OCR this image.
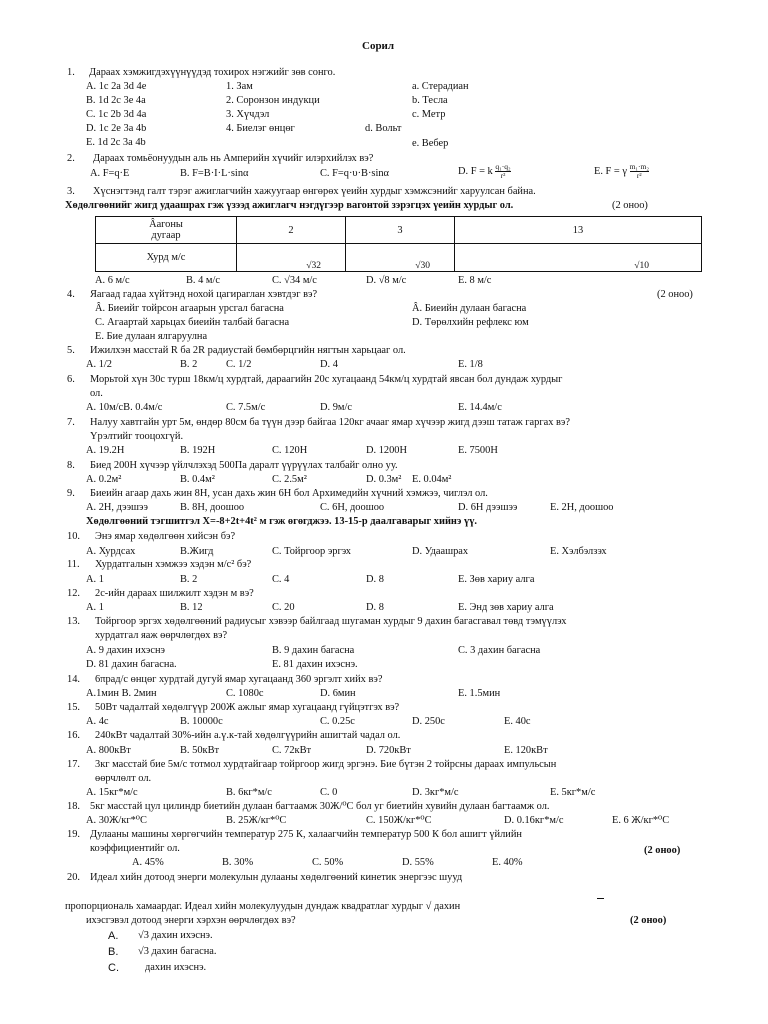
Сорил
1. Дараах хэмжигдэхүүнүүдэд тохирох нэгжийг зөв сонго.
A. 1c 2a 3d 4e
B. 1d 2c 3e 4a
C. 1c 2b 3d 4a
D. 1c 2e 3a 4b
E. 1d 2c 3a 4b
1. Зам
2. Соронзон индукци
3. Хүчдэл
4. Биелэг өнцөг	d. Вольт
a. Стерадиан
b. Тесла
c. Метр
e. Вебер
2. Дараах томьёонуудын аль нь Амперийн хүчийг илэрхийлэх вэ?
A. F=q·E	B. F=B·I·L·sinα	C. F=q·υ·B·sinα	D. F = k $\frac{\text{q₁·q₂}}{\text{r²}}$	E. F = γ $\frac{\text{m₁·m₂}}{\text{r²}}$
3. Хүснэгтэнд галт тэрэг ажиглагчийн хажуугаар өнгөрөх үеийн хурдыг хэмжсэнийг харуулсан байна.
Хөдөлгөөнийг жигд удаашрах гэж үзээд ажиглагч нэгдүгээр вагонтой зэрэгцэх үеийн хурдыг ол.	(2 оноо)
Âагоны
дугаар	2	3	13
Хурд м/с	√32	√30	√10
A. 6 м/с	B. 4 м/с	C. √34 м/с	D. √8 м/с	E. 8 м/с
4. Яагаад гадаа хүйтэнд нохой цагираглан хэвтдэг вэ?	(2 оноо)
Â. Биеийг тойрсон агаарын урсгал багасна	Â. Биеийн дулаан багасна
C. Агаартай харьцах биеийн талбай багасна	D. Төрөлхийн рефлекс юм
E. Бие дулаан ялгаруулна
5. Ижилхэн масстай R ба 2R радиустай бөмбөрцгийн нягтын харьцааг ол.
A. 1/2	B. 2	C. 1/2	D. 4	E. 1/8
6. Морьтой хүн 30с турш 18км/ц хурдтай, дараагийн 20с хугацаанд 54км/ц хурдтай явсан бол дундаж хурдыг
ол.
A. 10м/сB. 0.4м/с	C. 7.5м/с	D. 9м/с	E. 14.4м/с
7. Налуу хавтгайн урт 5м, өндөр 80см ба түүн дээр байгаа 120кг ачааг ямар хүчээр жигд дээш татаж гаргах вэ?
Үрэлтийг тооцохгүй.
A. 19.2H	B. 192H	C. 120H	D. 1200H	E. 7500H
8. Биед 200Н хүчээр үйлчлэхэд 500Па даралт үүрүүлах талбайг олно уу.
A. 0.2м²	B. 0.4м²	C. 2.5м²	D. 0.3м² E. 0.04м²
9. Биеийн агаар дахь жин 8Н, усан дахь жин 6Н бол Архимедийн хүчний хэмжээ, чиглэл ол.
A. 2Н, дээшээ	B. 8Н, доошоо	C. 6Н, доошоо	D. 6Н дээшээ	E. 2Н, доошоо
Хөдөлгөөний тэгшитгэл X=-8+2t+4t² м гэж өгөгджээ. 13-15-р даалгаварыг хийнэ үү.
10. Энэ ямар хөдөлгөөн хийсэн бэ?
A. Хурдсах	B.Жигд	C. Тойргоор эргэх	D. Удаашрах	E. Хэлбэлзэх
11. Хурдатгалын хэмжээ хэдэн м/с² бэ?
A. 1	B. 2	C. 4	D. 8	E. Зөв хариу алга
12. 2с-ийн дараах шилжилт хэдэн м вэ?
A. 1	B. 12	C. 20	D. 8	E. Энд зөв хариу алга
13. Тойргоор эргэх хөдөлгөөний радиусыг хэвээр байлгаад шугаман хурдыг 9 дахин багасгавал төвд тэмүүлэх
хурдатгал яаж өөрчлөгдөх вэ?
A. 9 дахин ихэснэ	B. 9 дахин багасна	C. 3 дахин багасна
D. 81 дахин багасна.	E. 81 дахин ихэснэ.
14. 6πрад/с өнцөг хурдтай дугуй ямар хугацаанд 360 эргэлт хийх вэ?
A.1мин B. 2мин	C. 1080с	D. 6мин	E. 1.5мин
15. 50Вт чадалтай хөдөлгүүр 200Ж ажлыг ямар хугацаанд гүйцэтгэх вэ?
A. 4с	B. 10000с	C. 0.25с	D. 250с	E. 40с
16. 240кВт чадалтай 30%-ийн а.ү.к-тай хөдөлгүүрийн ашигтай чадал ол.
A. 800кВт	B. 50кВт	C. 72кВт	D. 720кВт	E. 120кВт
17. 3кг масстай бие 5м/с тотмол хурдтайгаар тойргоор жигд эргэнэ. Бие бүтэн 2 тойрсны дараах импульсын
өөрчлөлт ол.
A. 15кг*м/с	B. 6кг*м/с	C. 0	D. 3кг*м/с	E. 5кг*м/с
18. 5кг масстай цул цилиндр биетийн дулаан багтаамж 30Ж/⁰С бол уг биетийн хувийн дулаан багтаамж ол.
A. 30Ж/кг*⁰С	B. 25Ж/кг*⁰С	C. 150Ж/кг*⁰С	D. 0.16кг*м/с	E. 6 Ж/кг*⁰С
19. Дулааны машины хөргөгчийн температур 275 К, халаагчийн температур 500 К бол ашигт үйлийн
коэффициентийг ол.	(2 оноо)
A. 45%	B. 30%	C. 50%	D. 55%	E. 40%
20. Идеал хийн дотоод энерги молекулын дулааны хөдөлгөөний кинетик энергээс шууд
пропорциональ хамаардаг. Идеал хийн молекулуудын дундаж квадратлаг хурдыг √ дахин
ихэсгэвэл дотоод энерги хэрхэн өөрчлөгдөх вэ?	(2 оноо)
A. √3 дахин ихэснэ.
B. √3 дахин багасна.
C.	дахин ихэснэ.
